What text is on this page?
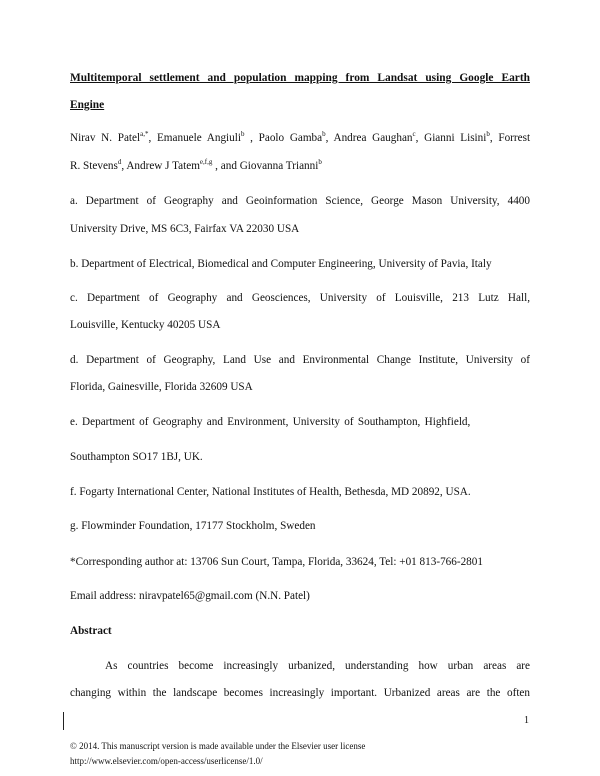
Multitemporal settlement and population mapping from Landsat using Google Earth
Engine
Nirav N. Patel$^{a,*}$, Emanuele Angiuli$^b$ , Paolo Gamba$^b$, Andrea Gaughan$^c$, Gianni Lisini$^b$, Forrest
R. Stevens$^d$, Andrew J Tatem$^{e,f,g}$ , and Giovanna Trianni$^b$
a. Department of Geography and Geoinformation Science, George Mason University, 4400
University Drive, MS 6C3, Fairfax VA 22030 USA
b. Department of Electrical, Biomedical and Computer Engineering, University of Pavia, Italy
c. Department of Geography and Geosciences, University of Louisville, 213 Lutz Hall,
Louisville, Kentucky 40205 USA
d. Department of Geography, Land Use and Environmental Change Institute, University of
Florida, Gainesville, Florida 32609 USA
e. Department of Geography and Environment, University of Southampton, Highfield,
Southampton SO17 1BJ, UK.
f. Fogarty International Center, National Institutes of Health, Bethesda, MD 20892, USA.
g. Flowminder Foundation, 17177 Stockholm, Sweden
*Corresponding author at: 13706 Sun Court, Tampa, Florida, 33624, Tel: +01 813-766-2801
Email address: niravpatel65@gmail.com (N.N. Patel)
Abstract
As countries become increasingly urbanized, understanding how urban areas are
changing within the landscape becomes increasingly important. Urbanized areas are the often
1
© 2014. This manuscript version is made available under the Elsevier user license
http://www.elsevier.com/open-access/userlicense/1.0/
